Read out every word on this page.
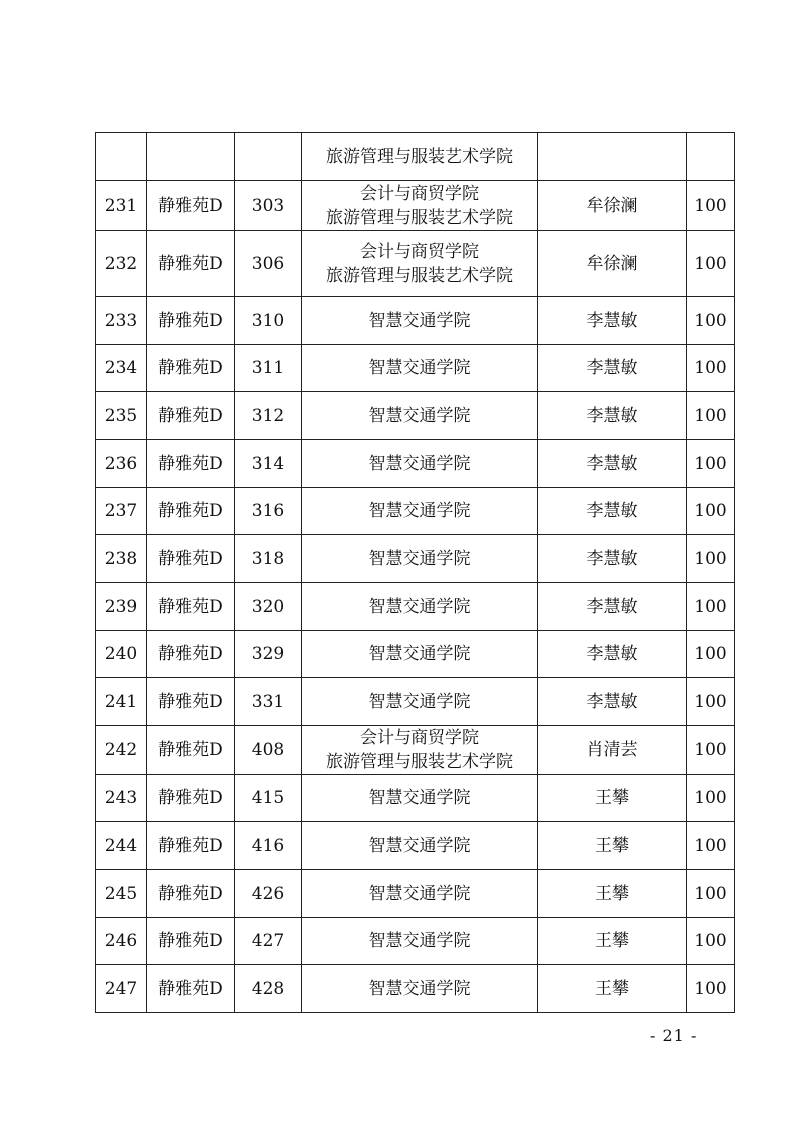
			旅游管理与服装艺术学院		

231	静雅苑D	303	会计与商贸学院
旅游管理与服装艺术学院	牟徐澜	100
232	静雅苑D	306	会计与商贸学院
旅游管理与服装艺术学院	牟徐澜	100
233	静雅苑D	310	智慧交通学院	李慧敏	100
234	静雅苑D	311	智慧交通学院	李慧敏	100
235	静雅苑D	312	智慧交通学院	李慧敏	100
236	静雅苑D	314	智慧交通学院	李慧敏	100
237	静雅苑D	316	智慧交通学院	李慧敏	100
238	静雅苑D	318	智慧交通学院	李慧敏	100
239	静雅苑D	320	智慧交通学院	李慧敏	100
240	静雅苑D	329	智慧交通学院	李慧敏	100
241	静雅苑D	331	智慧交通学院	李慧敏	100
242	静雅苑D	408	会计与商贸学院
旅游管理与服装艺术学院	肖清芸	100
243	静雅苑D	415	智慧交通学院	王攀	100
244	静雅苑D	416	智慧交通学院	王攀	100
245	静雅苑D	426	智慧交通学院	王攀	100
246	静雅苑D	427	智慧交通学院	王攀	100
247	静雅苑D	428	智慧交通学院	王攀	100
- 21 -
